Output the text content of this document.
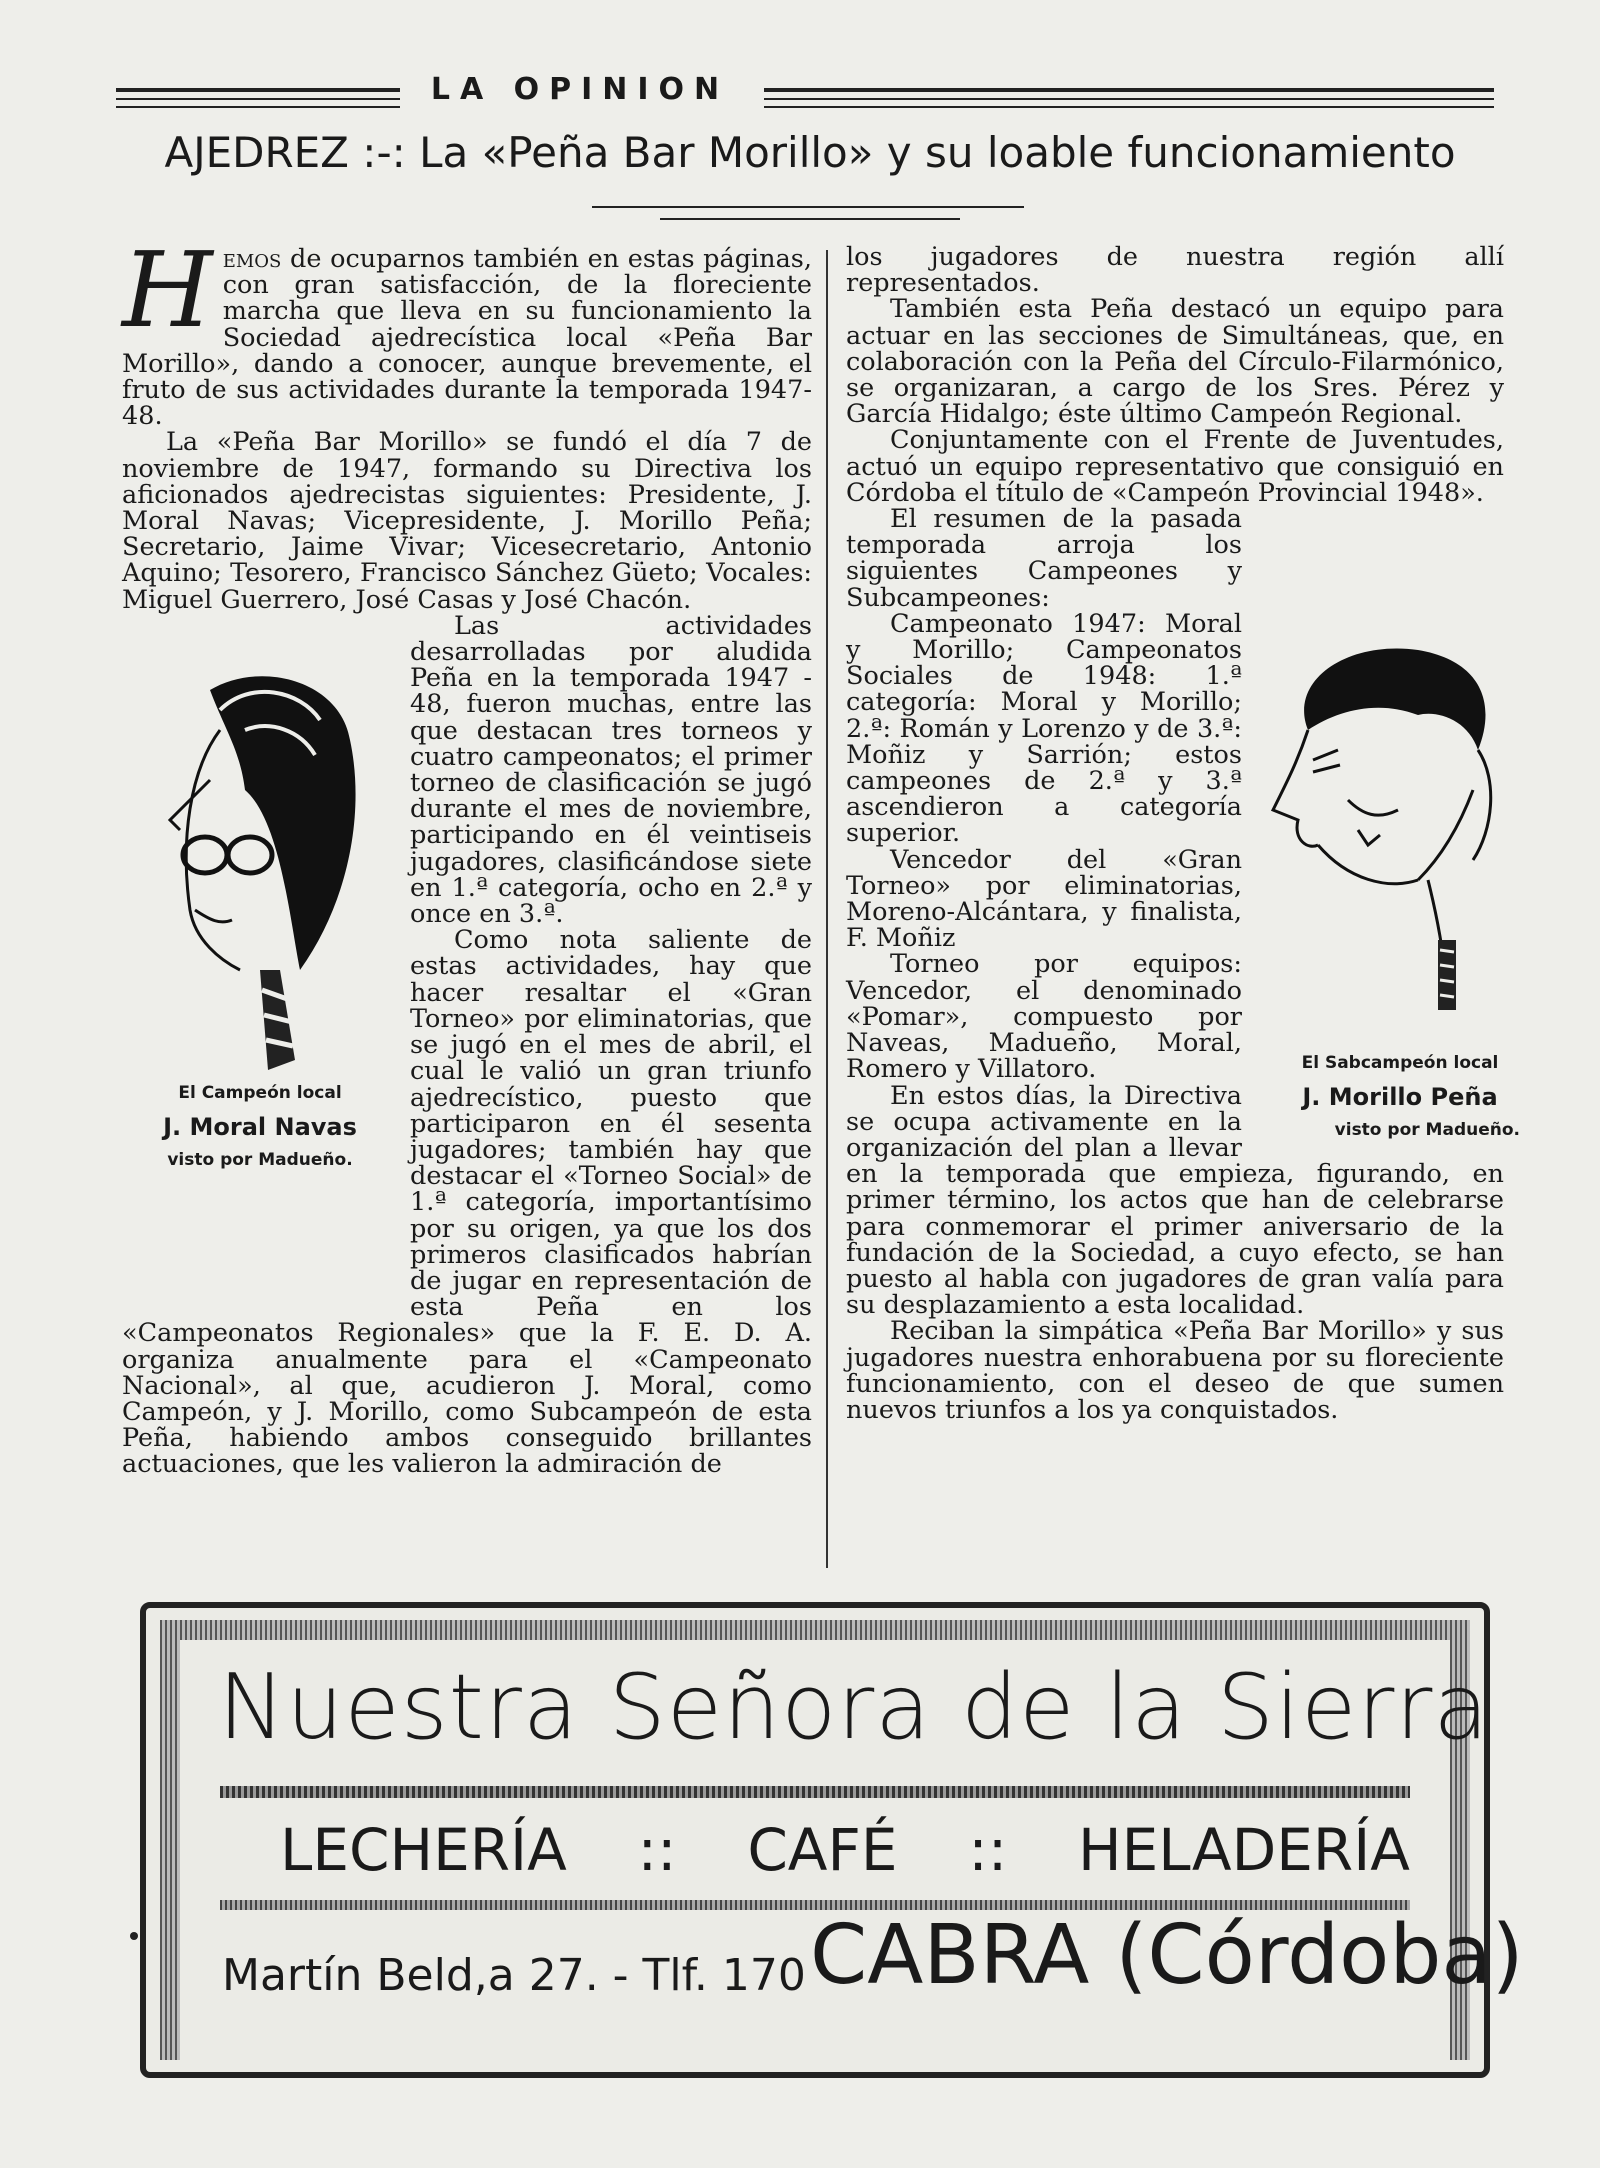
LA OPINION
AJEDREZ :-: La «Peña Bar Morillo» y su loable funcionamiento

Hemos de ocuparnos también en estas páginas, con gran satisfacción, de la floreciente marcha que lleva en su funcionamiento la Sociedad ajedrecística local «Peña Bar Morillo», dando a conocer, aunque brevemente, el fruto de sus actividades durante la temporada 1947-48.

La «Peña Bar Morillo» se fundó el día 7 de noviembre de 1947, formando su Directiva los aficionados ajedrecistas siguientes: Presidente, J. Moral Navas; Vicepresidente, J. Morillo Peña; Secretario, Jaime Vivar; Vicesecretario, Antonio Aquino; Tesorero, Francisco Sánchez Güeto; Vocales: Miguel Guerrero, José Casas y José Chacón.

Las actividades desarrolladas por aludida Peña en la temporada 1947 - 48, fueron muchas, entre las que destacan tres torneos y cuatro campeonatos; el primer torneo de clasificación se jugó durante el mes de noviembre, participando en él veintiseis jugadores, clasificándose siete en 1.ª categoría, ocho en 2.ª y once en 3.ª.

Como nota saliente de estas actividades, hay que hacer resaltar el «Gran Torneo» por eliminatorias, que se jugó en el mes de abril, el cual le valió un gran triunfo ajedrecístico, puesto que participaron en él sesenta jugadores; también hay que destacar el «Torneo Social» de 1.ª categoría, importantísimo por su origen, ya que los dos primeros clasificados habrían de jugar en representación de esta Peña en los «Campeonatos Regionales» que la F. E. D. A. organiza anualmente para el «Campeonato Nacional», al que, acudieron J. Moral, como Campeón, y J. Morillo, como Subcampeón de esta Peña, habiendo ambos conseguido brillantes actuaciones, que les valieron la admiración de

los jugadores de nuestra región allí representados.

También esta Peña destacó un equipo para actuar en las secciones de Simultáneas, que, en colaboración con la Peña del Círculo-Filarmónico, se organizaran, a cargo de los Sres. Pérez y García Hidalgo; éste último Campeón Regional.

Conjuntamente con el Frente de Juventudes, actuó un equipo representativo que consiguió en Córdoba el título de «Campeón Provincial 1948».

El resumen de la pasada temporada arroja los siguientes Campeones y Subcampeones:

Campeonato 1947: Moral y Morillo; Campeonatos Sociales de 1948: 1.ª categoría: Moral y Morillo; 2.ª: Román y Lorenzo y de 3.ª: Moñiz y Sarrión; estos campeones de 2.ª y 3.ª ascendieron a categoría superior.

Vencedor del «Gran Torneo» por eliminatorias, Moreno-Alcántara, y finalista, F. Moñiz

Torneo por equipos: Vencedor, el denominado «Pomar», compuesto por Naveas, Madueño, Moral, Romero y Villatoro.

En estos días, la Directiva se ocupa activamente en la organización del plan a llevar en la temporada que empieza, figurando, en primer término, los actos que han de celebrarse para conmemorar el primer aniversario de la fundación de la Sociedad, a cuyo efecto, se han puesto al habla con jugadores de gran valía para su desplazamiento a esta localidad.

Reciban la simpática «Peña Bar Morillo» y sus jugadores nuestra enhorabuena por su floreciente funcionamiento, con el deseo de que sumen nuevos triunfos a los ya conquistados.

El Campeón local
J. Moral Navas
visto por Madueño.
El Sabcampeón local
J. Morillo Peña
visto por Madueño.
Nuestra Señora de la Sierra
LECHERÍA :: CAFÉ :: HELADERÍA
Martín Beld,a 27. - Tlf. 170 CABRA (Córdoba)
